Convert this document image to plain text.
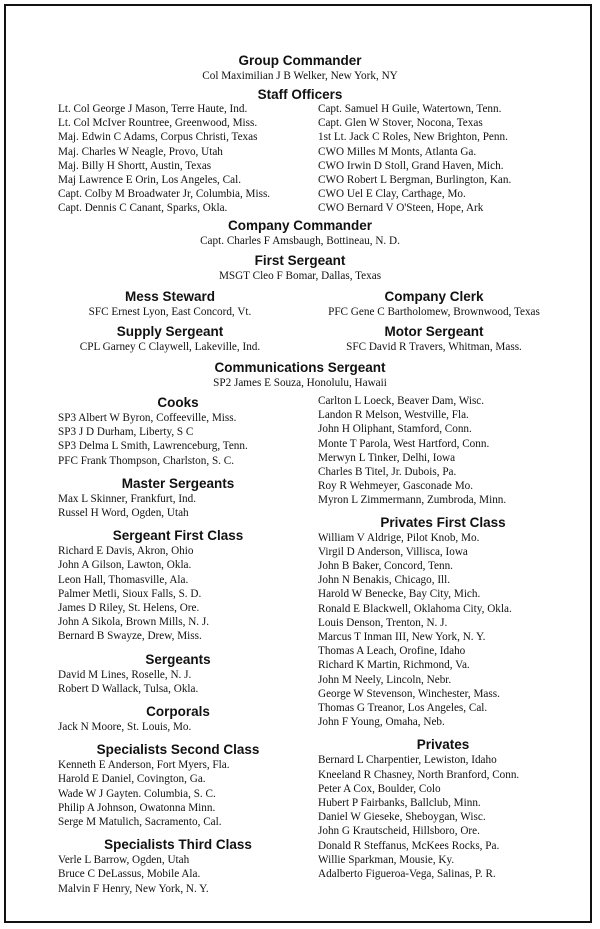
Group Commander
Col Maximilian J B Welker, New York, NY
Staff Officers
Lt. Col George J Mason, Terre Haute, Ind.
Lt. Col McIver Rountree, Greenwood, Miss.
Maj. Edwin C Adams, Corpus Christi, Texas
Maj. Charles W Neagle, Provo, Utah
Maj. Billy H Shortt, Austin, Texas
Maj Lawrence E Orin, Los Angeles, Cal.
Capt. Colby M Broadwater Jr, Columbia, Miss.
Capt. Dennis C Canant, Sparks, Okla.
Capt. Samuel H Guile, Watertown, Tenn.
Capt. Glen W Stover, Nocona, Texas
1st Lt. Jack C Roles, New Brighton, Penn.
CWO Milles M Monts, Atlanta Ga.
CWO Irwin D Stoll, Grand Haven, Mich.
CWO Robert L Bergman, Burlington, Kan.
CWO Uel E Clay, Carthage, Mo.
CWO Bernard V O'Steen, Hope, Ark
Company Commander
Capt. Charles F Amsbaugh, Bottineau, N. D.
First Sergeant
MSGT Cleo F Bomar, Dallas, Texas
Mess Steward
SFC Ernest Lyon, East Concord, Vt.
Company Clerk
PFC Gene C Bartholomew, Brownwood, Texas
Supply Sergeant
CPL Garney C Claywell, Lakeville, Ind.
Motor Sergeant
SFC David R Travers, Whitman, Mass.
Communications Sergeant
SP2 James E Souza, Honolulu, Hawaii
Cooks
SP3 Albert W Byron, Coffeeville, Miss.
SP3 J D Durham, Liberty, S C
SP3 Delma L Smith, Lawrenceburg, Tenn.
PFC Frank Thompson, Charlston, S. C.
Master Sergeants
Max L Skinner, Frankfurt, Ind.
Russel H Word, Ogden, Utah
Sergeant First Class
Richard E Davis, Akron, Ohio
John A Gilson, Lawton, Okla.
Leon Hall, Thomasville, Ala.
Palmer Metli, Sioux Falls, S. D.
James D Riley, St. Helens, Ore.
John A Sikola, Brown Mills, N. J.
Bernard B Swayze, Drew, Miss.
Sergeants
David M Lines, Roselle, N. J.
Robert D Wallack, Tulsa, Okla.
Corporals
Jack N Moore, St. Louis, Mo.
Specialists Second Class
Kenneth E Anderson, Fort Myers, Fla.
Harold E Daniel, Covington, Ga.
Wade W J Gayten. Columbia, S. C.
Philip A Johnson, Owatonna Minn.
Serge M Matulich, Sacramento, Cal.
Specialists Third Class
Verle L Barrow, Ogden, Utah
Bruce C DeLassus, Mobile Ala.
Malvin F Henry, New York, N. Y.
Carlton L Loeck, Beaver Dam, Wisc.
Landon R Melson, Westville, Fla.
John H Oliphant, Stamford, Conn.
Monte T Parola, West Hartford, Conn.
Merwyn L Tinker, Delhi, Iowa
Charles B Titel, Jr. Dubois, Pa.
Roy R Wehmeyer, Gasconade Mo.
Myron L Zimmermann, Zumbroda, Minn.
Privates First Class
William V Aldrige, Pilot Knob, Mo.
Virgil D Anderson, Villisca, Iowa
John B Baker, Concord, Tenn.
John N Benakis, Chicago, Ill.
Harold W Benecke, Bay City, Mich.
Ronald E Blackwell, Oklahoma City, Okla.
Louis Denson, Trenton, N. J.
Marcus T Inman III, New York, N. Y.
Thomas A Leach, Orofine, Idaho
Richard K Martin, Richmond, Va.
John M Neely, Lincoln, Nebr.
George W Stevenson, Winchester, Mass.
Thomas G Treanor, Los Angeles, Cal.
John F Young, Omaha, Neb.
Privates
Bernard L Charpentier, Lewiston, Idaho
Kneeland R Chasney, North Branford, Conn.
Peter A Cox, Boulder, Colo
Hubert P Fairbanks, Ballclub, Minn.
Daniel W Gieseke, Sheboygan, Wisc.
John G Krautscheid, Hillsboro, Ore.
Donald R Steffanus, McKees Rocks, Pa.
Willie Sparkman, Mousie, Ky.
Adalberto Figueroa-Vega, Salinas, P. R.
